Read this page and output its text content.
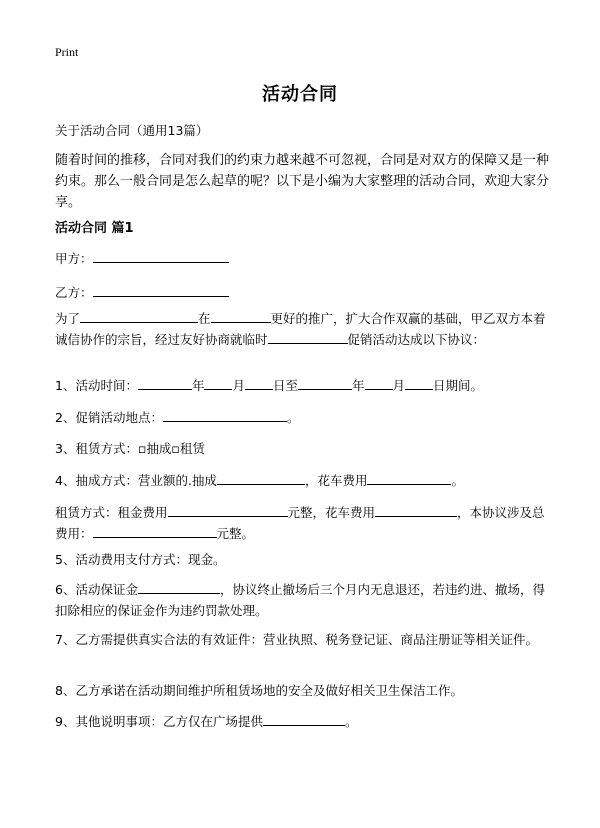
Print
活动合同
关于活动合同（通用13篇）
随着时间的推移，合同对我们的约束力越来越不可忽视，合同是对双方的保障又是一种约束。那么一般合同是怎么起草的呢？以下是小编为大家整理的活动合同，欢迎大家分享。
活动合同 篇1
甲方：
乙方：
为了	在	更好的推广，扩大合作双赢的基础，甲乙双方本着诚信协作的宗旨，经过友好协商就临时	促销活动达成以下协议：
1、活动时间：	年 月 日至	年 月 日期间。
2、促销活动地点：	。
3、租赁方式：▫抽成▫租赁
4、抽成方式：营业额的.抽成	，花车费用	。
租赁方式：租金费用	元整，花车费用	，本协议涉及总费用：	元整。
5、活动费用支付方式：现金。
6、活动保证金	，协议终止撤场后三个月内无息退还，若违约进、撤场，得扣除相应的保证金作为违约罚款处理。
7、乙方需提供真实合法的有效证件：营业执照、税务登记证、商品注册证等相关证件。
8、乙方承诺在活动期间维护所租赁场地的安全及做好相关卫生保洁工作。
9、其他说明事项：乙方仅在广场提供	。
